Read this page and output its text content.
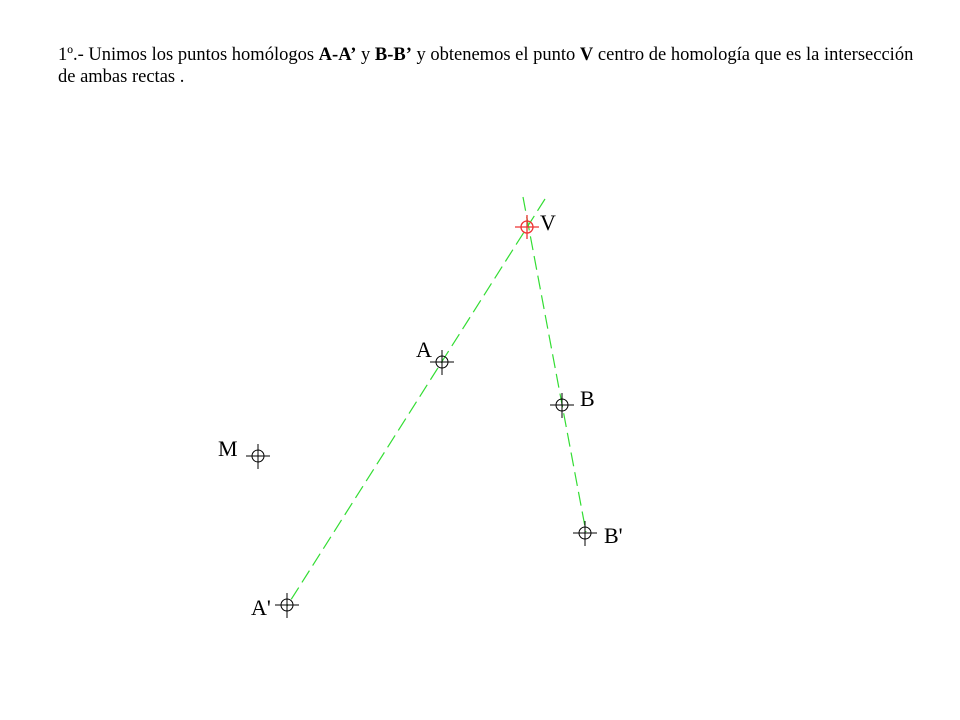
1º.- Unimos los puntos homólogos A-A’ y B-B’ y obtenemos el punto V centro de homología que es la intersección de ambas rectas .

V
A
B
M
B'
A'
